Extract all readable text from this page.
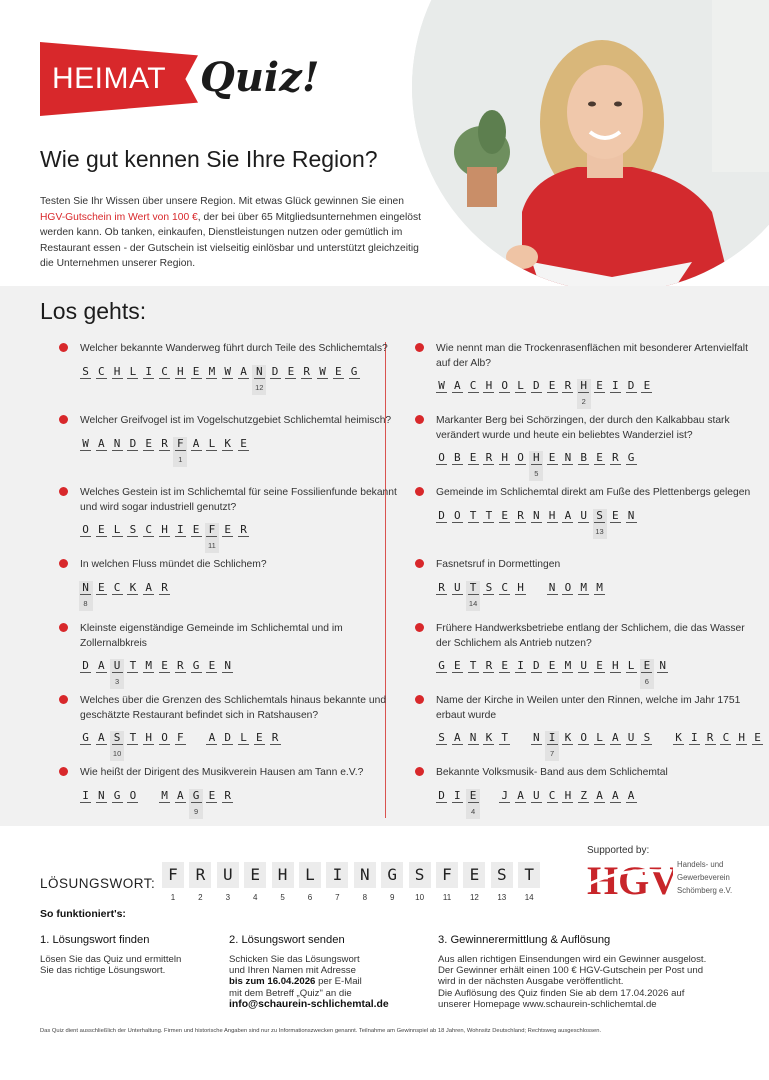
HEIMAT Quiz!
Wie gut kennen Sie Ihre Region?
Testen Sie Ihr Wissen über unsere Region. Mit etwas Glück gewinnen Sie einen HGV-Gutschein im Wert von 100 €, der bei über 65 Mitgliedsunternehmen eingelöst werden kann. Ob tanken, einkaufen, Dienstleistungen nutzen oder gemütlich im Restaurant essen - der Gutschein ist vielseitig einlösbar und unterstützt gleichzeitig die Unternehmen unserer Region.
Los gehts:
Welcher bekannte Wanderweg führt durch Teile des Schlichemtals?
12
S C H L I C H E M W A N D E R W E G
Welcher Greifvogel ist im Vogelschutzgebiet Schlichemtal heimisch?
1
W A N D E R F A L K E
Welches Gestein ist im Schlichemtal für seine Fossilienfunde bekannt und wird sogar industriell genutzt?
11
O E L S C H I E F E R
In welchen Fluss mündet die Schlichem?
8
N E C K A R
Kleinste eigenständige Gemeinde im Schlichemtal und im Zollernalbkreis
3
D A U T M E R G E N
Welches über die Grenzen des Schlichemtals hinaus bekannte und geschätzte Restaurant befindet sich in Ratshausen?
10
G A S T H O F A D L E R
Wie heißt der Dirigent des Musikverein Hausen am Tann e.V.?
9
I N G O M A G E R
Wie nennt man die Trockenrasenflächen mit besonderer Artenvielfalt auf der Alb?
2
W A C H O L D E R H E I D E
Markanter Berg bei Schörzingen, der durch den Kalkabbau stark verändert wurde und heute ein beliebtes Wanderziel ist?
5
O B E R H O H E N B E R G
Gemeinde im Schlichemtal direkt am Fuße des Plettenbergs gelegen
13
D O T T E R N H A U S E N
Fasnetsruf in Dormettingen
14
R U T S C H N O M M
Frühere Handwerksbetriebe entlang der Schlichem, die das Wasser der Schlichem als Antrieb nutzen?
6
G E T R E I D E M U E H L E N
Name der Kirche in Weilen unter den Rinnen, welche im Jahr 1751 erbaut wurde
7
S A N K T N I K O L A U S K I R C H E
Bekannte Volksmusik- Band aus dem Schlichemtal
4
D I E J A U C H Z A A A
LÖSUNGSWORT: F
1
R
2
U
3
E
4
H
5
L
6
I
7
N
8
G
9
S
10
F
11
E
12
S
13
T
14
Supported by:
HGV
Handels- und
Gewerbeverein
Schömberg e.V.
So funktioniert's:
1. Lösungswort finden

Lösen Sie das Quiz und ermitteln
Sie das richtige Lösungswort.

2. Lösungswort senden

Schicken Sie das Lösungswort
und Ihren Namen mit Adresse
bis zum 16.04.2026 per E-Mail
mit dem Betreff „Quiz" an die
info@schaurein-schlichemtal.de

3. Gewinnerermittlung & Auflösung

Aus allen richtigen Einsendungen wird ein Gewinner ausgelost.
Der Gewinner erhält einen 100 € HGV-Gutschein per Post und
wird in der nächsten Ausgabe veröffentlicht.
Die Auflösung des Quiz finden Sie ab dem 17.04.2026 auf
unserer Homepage www.schaurein-schlichemtal.de

Das Quiz dient ausschließlich der Unterhaltung. Firmen und historische Angaben sind nur zu Informationszwecken genannt. Teilnahme am Gewinnspiel ab 18 Jahren, Wohnsitz Deutschland; Rechtsweg ausgeschlossen.
